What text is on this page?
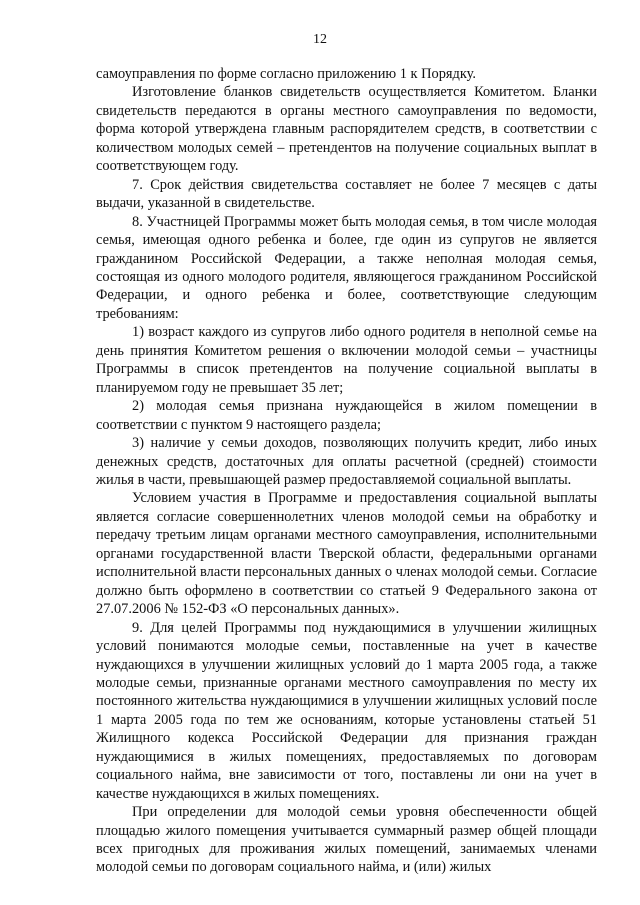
12

самоуправления по форме согласно приложению 1 к Порядку.

Изготовление бланков свидетельств осуществляется Комитетом. Бланки свидетельств передаются в органы местного самоуправления по ведомости, форма которой утверждена главным распорядителем средств, в соответствии с количеством молодых семей – претендентов на получение социальных выплат в соответствующем году.

7. Срок действия свидетельства составляет не более 7 месяцев с даты выдачи, указанной в свидетельстве.

8. Участницей Программы может быть молодая семья, в том числе молодая семья, имеющая одного ребенка и более, где один из супругов не является гражданином Российской Федерации, а также неполная молодая семья, состоящая из одного молодого родителя, являющегося гражданином Российской Федерации, и одного ребенка и более, соответствующие следующим требованиям:

1) возраст каждого из супругов либо одного родителя в неполной семье на день принятия Комитетом решения о включении молодой семьи – участницы Программы в список претендентов на получение социальной выплаты в планируемом году не превышает 35 лет;

2) молодая семья признана нуждающейся в жилом помещении в соответствии с пунктом 9 настоящего раздела;

3) наличие у семьи доходов, позволяющих получить кредит, либо иных денежных средств, достаточных для оплаты расчетной (средней) стоимости жилья в части, превышающей размер предоставляемой социальной выплаты.

Условием участия в Программе и предоставления социальной выплаты является согласие совершеннолетних членов молодой семьи на обработку и передачу третьим лицам органами местного самоуправления, исполнительными органами государственной власти Тверской области, федеральными органами исполнительной власти персональных данных о членах молодой семьи. Согласие должно быть оформлено в соответствии со статьей 9 Федерального закона от 27.07.2006 № 152-ФЗ «О персональных данных».

9. Для целей Программы под нуждающимися в улучшении жилищных условий понимаются молодые семьи, поставленные на учет в качестве нуждающихся в улучшении жилищных условий до 1 марта 2005 года, а также молодые семьи, признанные органами местного самоуправления по месту их постоянного жительства нуждающимися в улучшении жилищных условий после 1 марта 2005 года по тем же основаниям, которые установлены статьей 51 Жилищного кодекса Российской Федерации для признания граждан нуждающимися в жилых помещениях, предоставляемых по договорам социального найма, вне зависимости от того, поставлены ли они на учет в качестве нуждающихся в жилых помещениях.

При определении для молодой семьи уровня обеспеченности общей площадью жилого помещения учитывается суммарный размер общей площади всех пригодных для проживания жилых помещений, занимаемых членами молодой семьи по договорам социального найма, и (или) жилых
